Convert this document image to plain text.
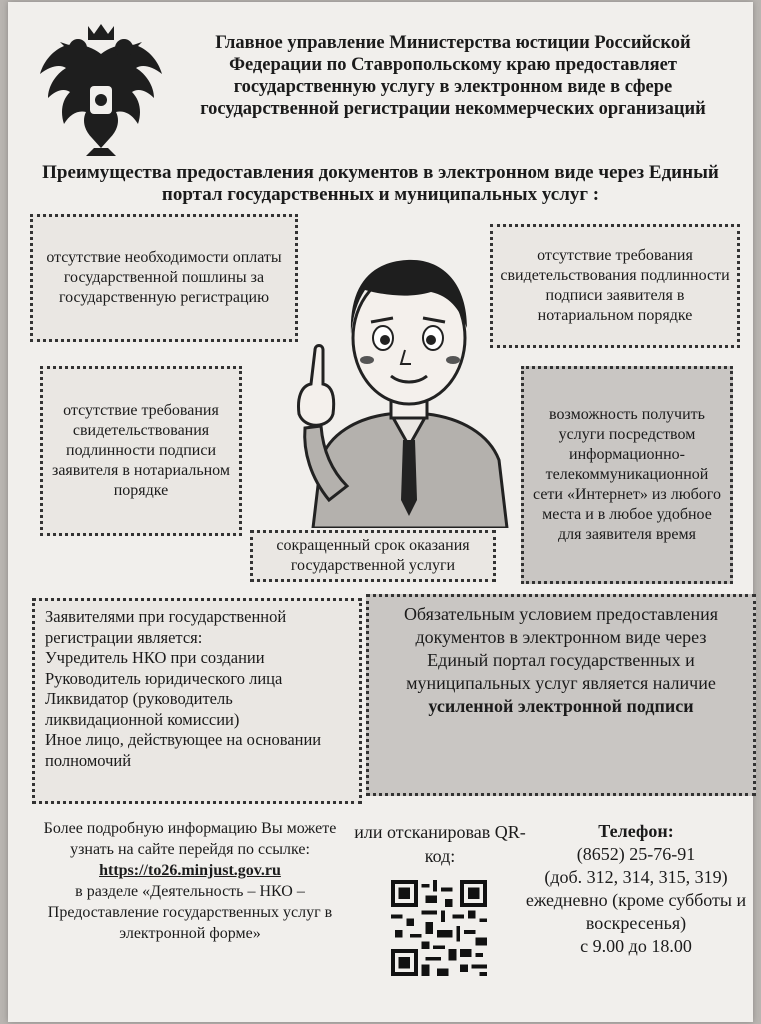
Главное управление Министерства юстиции Российской Федерации по Ставропольскому краю предоставляет государственную услугу в электронном виде в сфере государственной регистрации некоммерческих организаций
Преимущества предоставления документов в электронном виде через Единый портал государственных и муниципальных услуг :
отсутствие необходимости оплаты государственной пошлины за государственную регистрацию
отсутствие требования свидетельствования подлинности подписи заявителя в нотариальном порядке
отсутствие требования свидетельствования подлинности подписи заявителя в нотариальном порядке
возможность получить услуги посредством информационно-телекоммуникационной сети «Интернет» из любого места и в любое удобное для заявителя время
сокращенный срок оказания государственной услуги
Заявителями при государственной регистрации является:
Учредитель НКО при создании
Руководитель юридического лица
Ликвидатор (руководитель ликвидационной комиссии)
Иное лицо, действующее на основании полномочий
Обязательным условием предоставления документов в электронном виде через Единый портал государственных и муниципальных услуг является наличие усиленной электронной подписи
Более подробную информацию Вы можете узнать на сайте перейдя по ссылке:
https://to26.minjust.gov.ru
в разделе «Деятельность – НКО – Предоставление государственных услуг в электронной форме»
или отсканировав QR-код:
Телефон:
(8652) 25-76-91
(доб. 312, 314, 315, 319)
ежедневно (кроме субботы и воскресенья)
с 9.00 до 18.00
